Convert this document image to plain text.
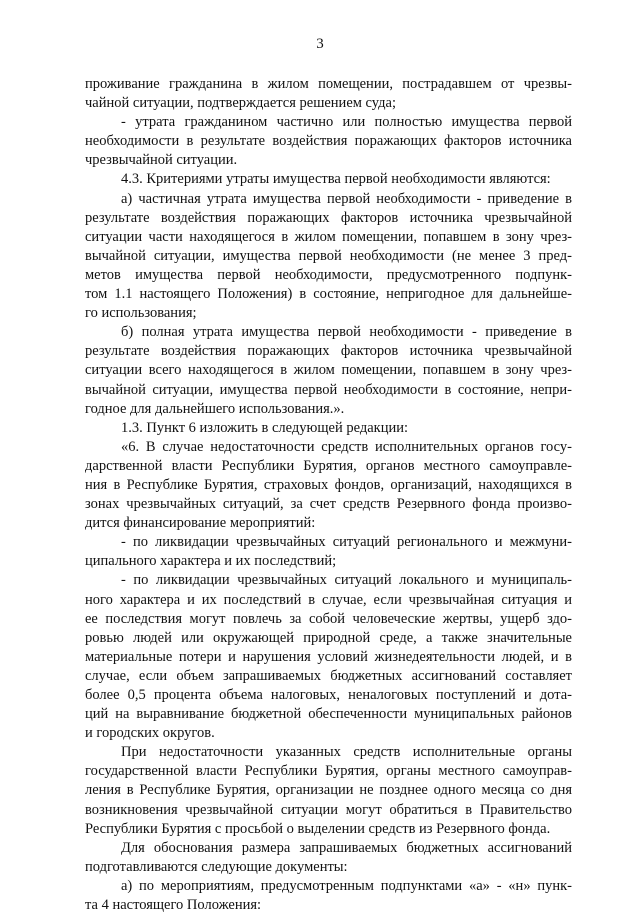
3
проживание гражданина в жилом помещении, пострадавшем от чрезвы-
чайной ситуации, подтверждается решением суда;
- утрата гражданином частично или полностью имущества первой
необходимости в результате воздействия поражающих факторов источника
чрезвычайной ситуации.
4.3. Критериями утраты имущества первой необходимости являются:
а) частичная утрата имущества первой необходимости - приведение в
результате воздействия поражающих факторов источника чрезвычайной
ситуации части находящегося в жилом помещении, попавшем в зону чрез-
вычайной ситуации, имущества первой необходимости (не менее 3 пред-
метов имущества первой необходимости, предусмотренного подпунк-
том 1.1 настоящего Положения) в состояние, непригодное для дальнейше-
го использования;
б) полная утрата имущества первой необходимости - приведение в
результате воздействия поражающих факторов источника чрезвычайной
ситуации всего находящегося в жилом помещении, попавшем в зону чрез-
вычайной ситуации, имущества первой необходимости в состояние, непри-
годное для дальнейшего использования.».
1.3. Пункт 6 изложить в следующей редакции:
«6. В случае недостаточности средств исполнительных органов госу-
дарственной власти Республики Бурятия, органов местного самоуправле-
ния в Республике Бурятия, страховых фондов, организаций, находящихся в
зонах чрезвычайных ситуаций, за счет средств Резервного фонда произво-
дится финансирование мероприятий:
- по ликвидации чрезвычайных ситуаций регионального и межмуни-
ципального характера и их последствий;
- по ликвидации чрезвычайных ситуаций локального и муниципаль-
ного характера и их последствий в случае, если чрезвычайная ситуация и
ее последствия могут повлечь за собой человеческие жертвы, ущерб здо-
ровью людей или окружающей природной среде, а также значительные
материальные потери и нарушения условий жизнедеятельности людей, и в
случае, если объем запрашиваемых бюджетных ассигнований составляет
более 0,5 процента объема налоговых, неналоговых поступлений и дота-
ций на выравнивание бюджетной обеспеченности муниципальных районов
и городских округов.
При недостаточности указанных средств исполнительные органы
государственной власти Республики Бурятия, органы местного самоуправ-
ления в Республике Бурятия, организации не позднее одного месяца со дня
возникновения чрезвычайной ситуации могут обратиться в Правительство
Республики Бурятия с просьбой о выделении средств из Резервного фонда.
Для обоснования размера запрашиваемых бюджетных ассигнований
подготавливаются следующие документы:
а) по мероприятиям, предусмотренным подпунктами «а» - «н» пунк-
та 4 настоящего Положения:
